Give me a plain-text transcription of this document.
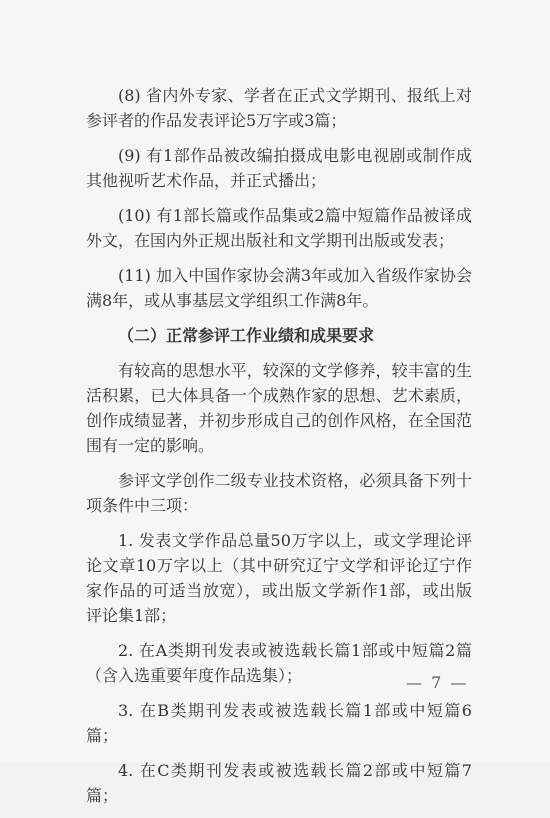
(8) 省内外专家、学者在正式文学期刊、报纸上对参评者的作品发表评论5万字或3篇；

(9) 有1部作品被改编拍摄成电影电视剧或制作成其他视听艺术作品，并正式播出；

(10) 有1部长篇或作品集或2篇中短篇作品被译成外文，在国内外正规出版社和文学期刊出版或发表；

(11) 加入中国作家协会满3年或加入省级作家协会满8年，或从事基层文学组织工作满8年。

（二）正常参评工作业绩和成果要求

有较高的思想水平，较深的文学修养，较丰富的生活积累，已大体具备一个成熟作家的思想、艺术素质，创作成绩显著，并初步形成自己的创作风格，在全国范围有一定的影响。

参评文学创作二级专业技术资格，必须具备下列十项条件中三项：

1. 发表文学作品总量50万字以上，或文学理论评论文章10万字以上（其中研究辽宁文学和评论辽宁作家作品的可适当放宽），或出版文学新作1部，或出版评论集1部；

2. 在A类期刊发表或被选载长篇1部或中短篇2篇（含入选重要年度作品选集）；

3. 在B类期刊发表或被选载长篇1部或中短篇6篇；

4. 在C类期刊发表或被选载长篇2部或中短篇7篇；

— 7 —
